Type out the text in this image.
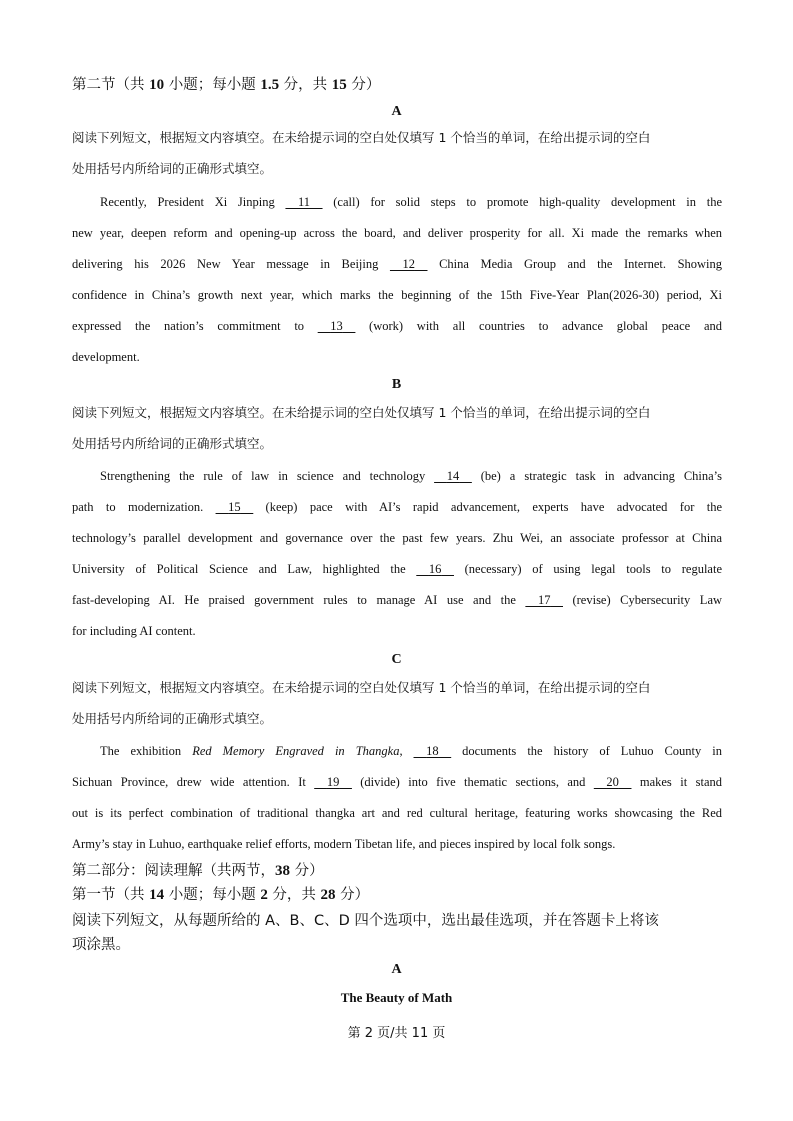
第二节（共 10 小题；每小题 1.5 分，共 15 分）
A
阅读下列短文，根据短文内容填空。在未给提示词的空白处仅填写 1 个恰当的单词，在给出提示词的空白
处用括号内所给词的正确形式填空。
Recently, President Xi Jinping 11 (call) for solid steps to promote high-quality development in the
new year, deepen reform and opening-up across the board, and deliver prosperity for all. Xi made the remarks when
delivering his 2026 New Year message in Beijing 12 China Media Group and the Internet. Showing
confidence in China’s growth next year, which marks the beginning of the 15th Five-Year Plan(2026-30) period, Xi
expressed the nation’s commitment to 13 (work) with all countries to advance global peace and
development.
B
阅读下列短文，根据短文内容填空。在未给提示词的空白处仅填写 1 个恰当的单词，在给出提示词的空白
处用括号内所给词的正确形式填空。
Strengthening the rule of law in science and technology 14 (be) a strategic task in advancing China’s
path to modernization. 15 (keep) pace with AI’s rapid advancement, experts have advocated for the
technology’s parallel development and governance over the past few years. Zhu Wei, an associate professor at China
University of Political Science and Law, highlighted the 16 (necessary) of using legal tools to regulate
fast-developing AI. He praised government rules to manage AI use and the 17 (revise) Cybersecurity Law
for including AI content.
C
阅读下列短文，根据短文内容填空。在未给提示词的空白处仅填写 1 个恰当的单词，在给出提示词的空白
处用括号内所给词的正确形式填空。
The exhibition Red Memory Engraved in Thangka, 18 documents the history of Luhuo County in
Sichuan Province, drew wide attention. It 19 (divide) into five thematic sections, and 20 makes it stand
out is its perfect combination of traditional thangka art and red cultural heritage, featuring works showcasing the Red
Army’s stay in Luhuo, earthquake relief efforts, modern Tibetan life, and pieces inspired by local folk songs.
第二部分：阅读理解（共两节，38 分）
第一节（共 14 小题；每小题 2 分，共 28 分）
阅读下列短文，从每题所给的 A、B、C、D 四个选项中，选出最佳选项，并在答题卡上将该
项涂黑。
A
The Beauty of Math
第 2 页/共 11 页
